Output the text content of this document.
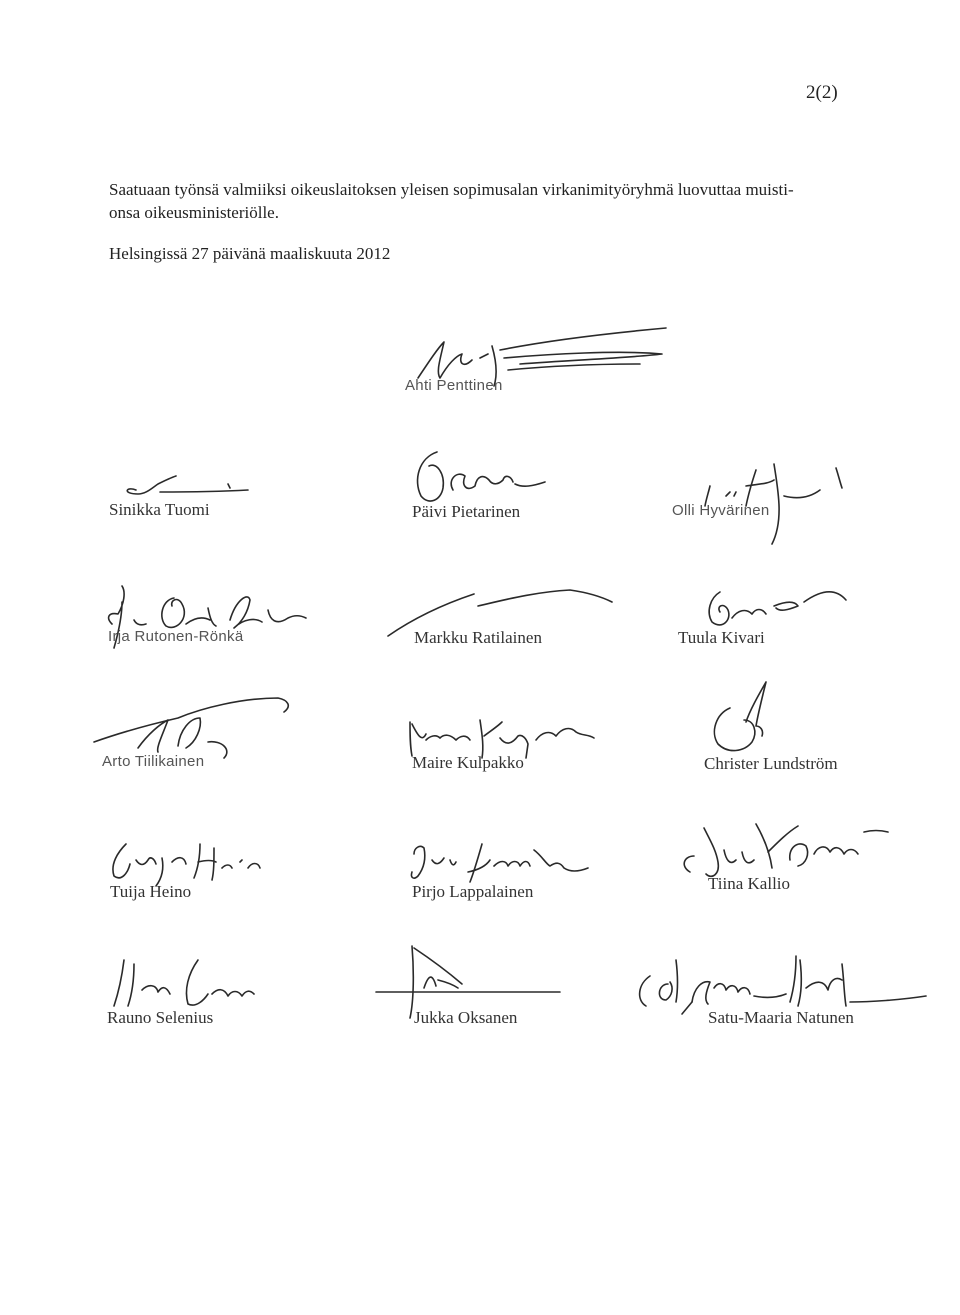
2(2)

Saatuaan työnsä valmiiksi oikeuslaitoksen yleisen sopimusalan virkanimityöryhmä luovuttaa muisti-
onsa oikeusministeriölle.

Helsingissä 27 päivänä maaliskuuta 2012

Ahti Penttinen
Sinikka Tuomi	Päivi Pietarinen	Olli Hyvärinen
Irja Rutonen-Rönkä	Markku Ratilainen	Tuula Kivari
Arto Tiilikainen	Maire Kulpakko	Christer Lundström
Tuija Heino	Pirjo Lappalainen	Tiina Kallio
Rauno Selenius	Jukka Oksanen	Satu-Maaria Natunen
